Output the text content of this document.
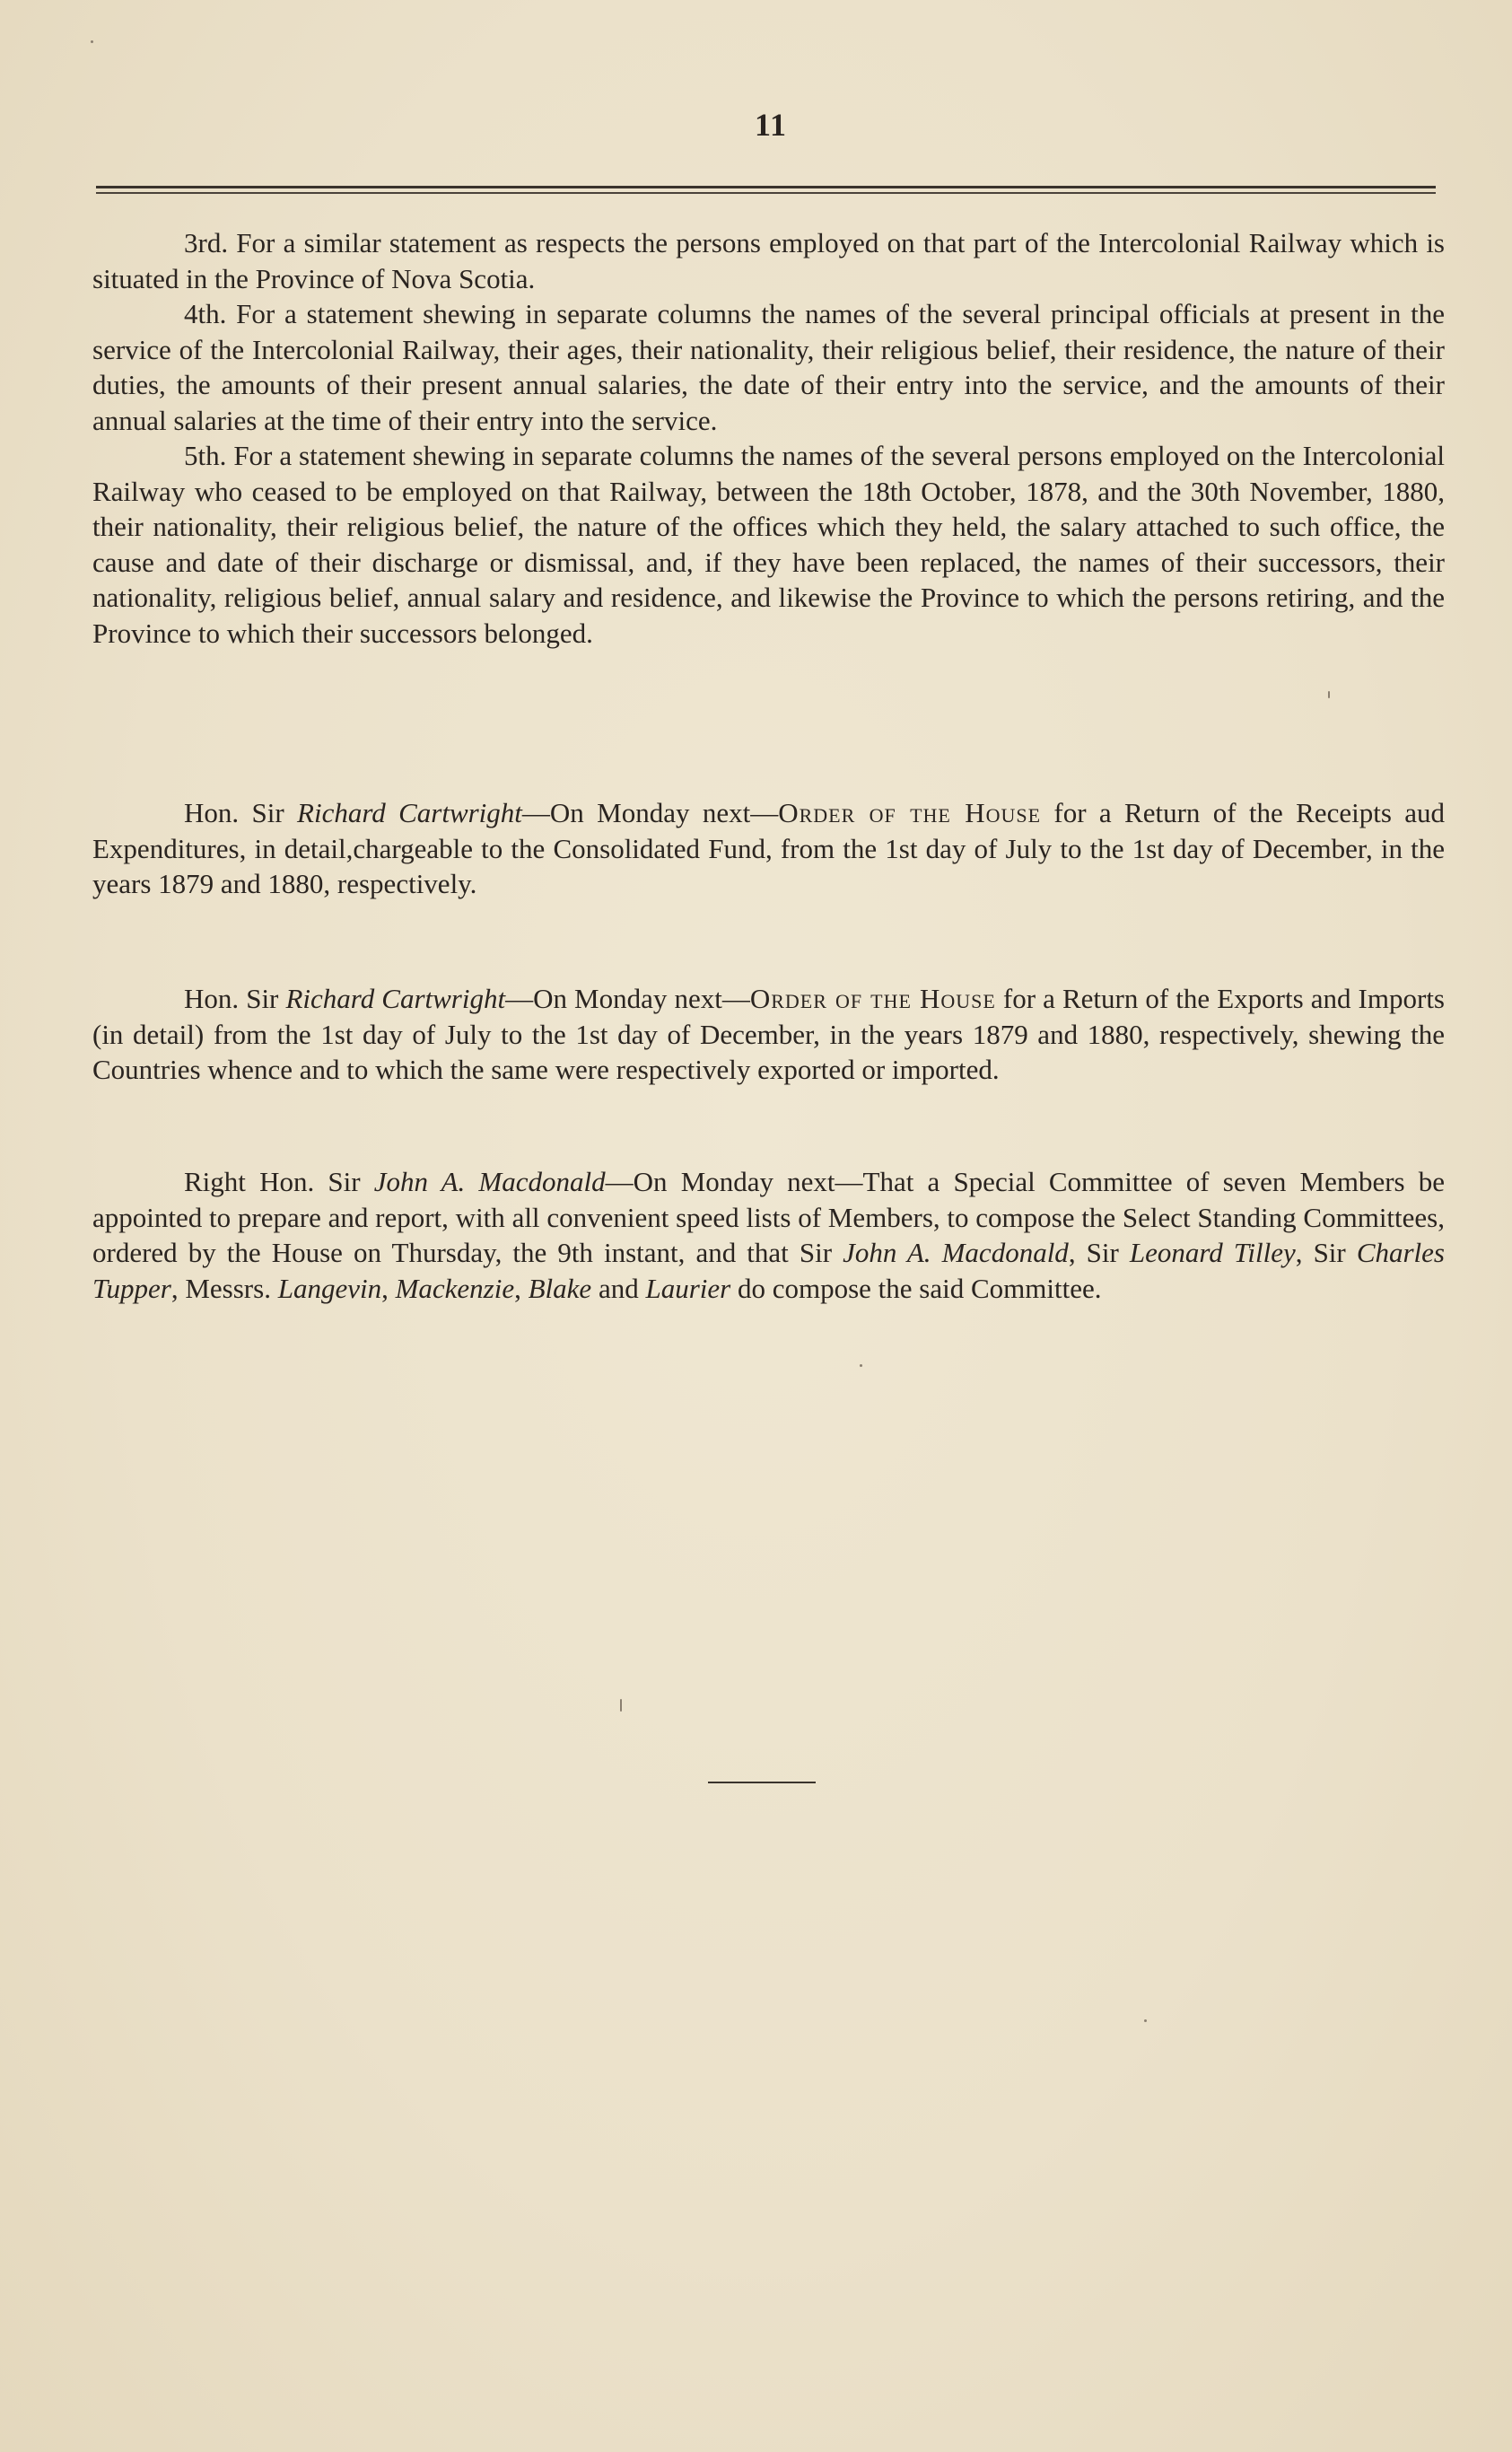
11

3rd. For a similar statement as respects the persons employed on that part of the Intercolonial Railway which is situated in the Province of Nova Scotia.

4th. For a statement shewing in separate columns the names of the several principal officials at present in the service of the Intercolonial Railway, their ages, their nationality, their religious belief, their residence, the nature of their duties, the amounts of their present annual salaries, the date of their entry into the service, and the amounts of their annual salaries at the time of their entry into the service.

5th. For a statement shewing in separate columns the names of the several persons employed on the Intercolonial Railway who ceased to be employed on that Railway, between the 18th October, 1878, and the 30th November, 1880, their nationality, their religious belief, the nature of the offices which they held, the salary attached to such office, the cause and date of their discharge or dismissal, and, if they have been replaced, the names of their successors, their nationality, religious belief, annual salary and residence, and likewise the Province to which the persons retiring, and the Province to which their successors belonged.

Hon. Sir Richard Cartwright—On Monday next—Order of the House for a Return of the Receipts aud Expenditures, in detail,chargeable to the Consolidated Fund, from the 1st day of July to the 1st day of December, in the years 1879 and 1880, respectively.

Hon. Sir Richard Cartwright—On Monday next—Order of the House for a Return of the Exports and Imports (in detail) from the 1st day of July to the 1st day of December, in the years 1879 and 1880, respectively, shewing the Countries whence and to which the same were respectively exported or imported.

Right Hon. Sir John A. Macdonald—On Monday next—That a Special Committee of seven Members be appointed to prepare and report, with all convenient speed lists of Members, to compose the Select Standing Committees, ordered by the House on Thursday, the 9th instant, and that Sir John A. Macdonald, Sir Leonard Tilley, Sir Charles Tupper, Messrs. Langevin, Mackenzie, Blake and Laurier do compose the said Committee.
